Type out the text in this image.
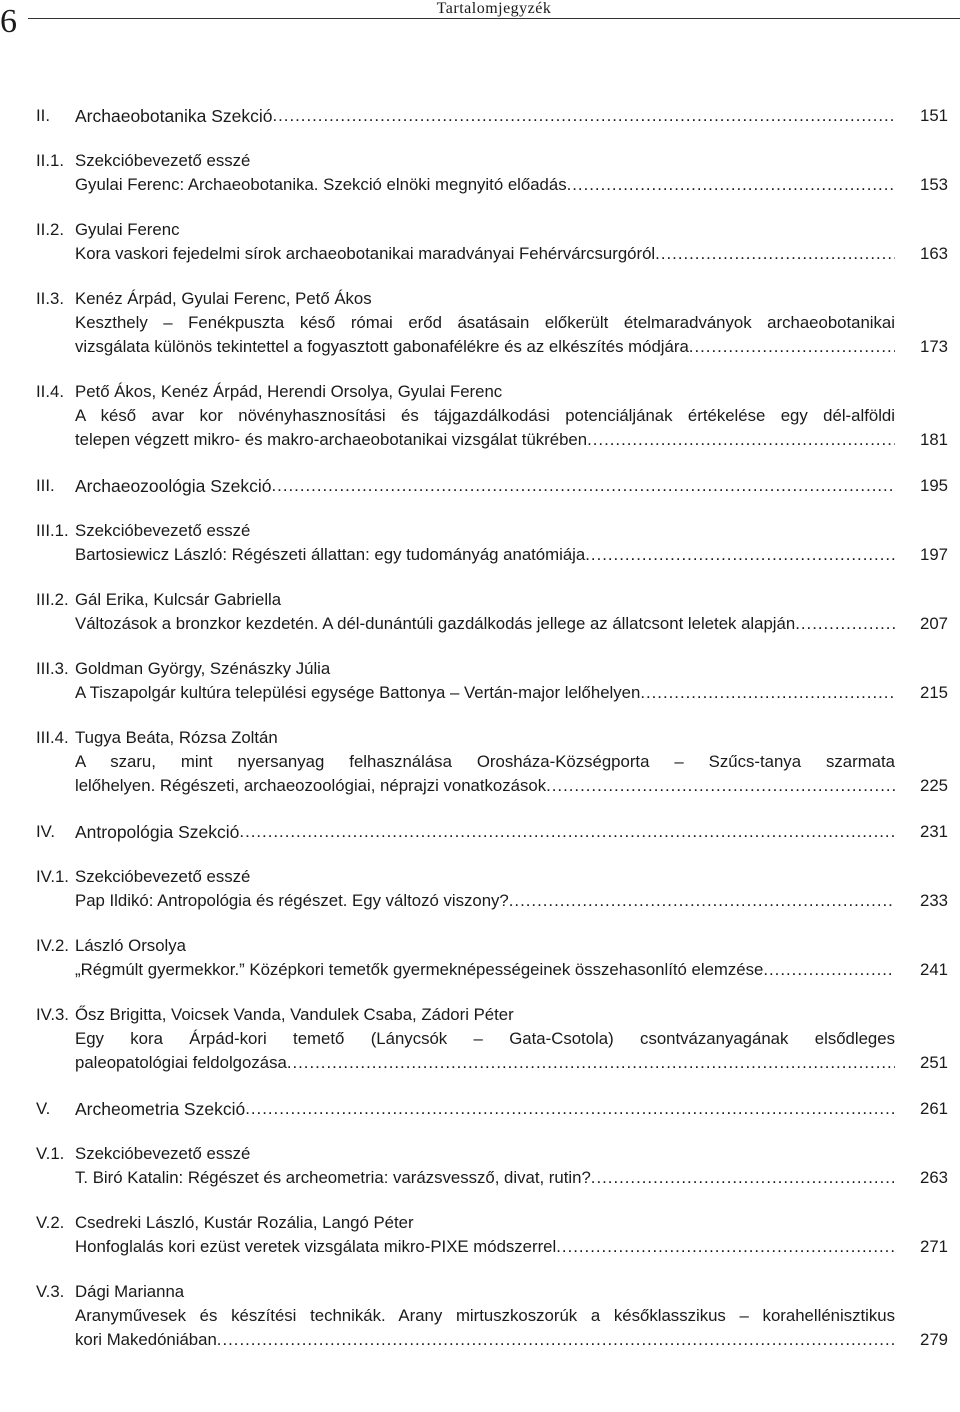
6	Tartalomjegyzék
II. Archaeobotanika Szekció .....	151
II.1. Szekcióbevezető esszé
Gyulai Ferenc: Archaeobotanika. Szekció elnöki megnyitó előadás .....	153
II.2. Gyulai Ferenc
Kora vaskori fejedelmi sírok archaeobotanikai maradványai Fehérvárcsurgóról .....	163
II.3. Kenéz Árpád, Gyulai Ferenc, Pető Ákos
Keszthely – Fenékpuszta késő római erőd ásatásain előkerült ételmaradványok archaeobotanikai
vizsgálata különös tekintettel a fogyasztott gabonafélékre és az elkészítés módjára .....	173
II.4. Pető Ákos, Kenéz Árpád, Herendi Orsolya, Gyulai Ferenc
A késő avar kor növényhasznosítási és tájgazdálkodási potenciáljának értékelése egy dél-alföldi
telepen végzett mikro- és makro-archaeobotanikai vizsgálat tükrében .....	181
III. Archaeozoológia Szekció .....	195
III.1. Szekcióbevezető esszé
Bartosiewicz László: Régészeti állattan: egy tudományág anatómiája .....	197
III.2. Gál Erika, Kulcsár Gabriella
Változások a bronzkor kezdetén. A dél-dunántúli gazdálkodás jellege az állatcsont leletek alapján .....	207
III.3. Goldman György, Szénászky Júlia
A Tiszapolgár kultúra települési egysége Battonya – Vertán-major lelőhelyen .....	215
III.4. Tugya Beáta, Rózsa Zoltán
A szaru, mint nyersanyag felhasználása Orosháza-Községporta – Szűcs-tanya szarmata
lelőhelyen. Régészeti, archaeozoológiai, néprajzi vonatkozások .....	225
IV. Antropológia Szekció .....	231
IV.1. Szekcióbevezető esszé
Pap Ildikó: Antropológia és régészet. Egy változó viszony? .....	233
IV.2. László Orsolya
„Régmúlt gyermekkor.” Középkori temetők gyermeknépességeinek összehasonlító elemzése .....	241
IV.3. Ősz Brigitta, Voicsek Vanda, Vandulek Csaba, Zádori Péter
Egy kora Árpád-kori temető (Lánycsók – Gata-Csotola) csontvázanyagának elsődleges
paleopatológiai feldolgozása .....	251
V. Archeometria Szekció .....	261
V.1. Szekcióbevezető esszé
T. Biró Katalin: Régészet és archeometria: varázsvessző, divat, rutin? .....	263
V.2. Csedreki László, Kustár Rozália, Langó Péter
Honfoglalás kori ezüst veretek vizsgálata mikro-PIXE módszerrel .....	271
V.3. Dági Marianna
Aranyművesek és készítési technikák. Arany mirtuszkoszorúk a későklasszikus – korahellénisztikus
kori Makedóniában .....	279
